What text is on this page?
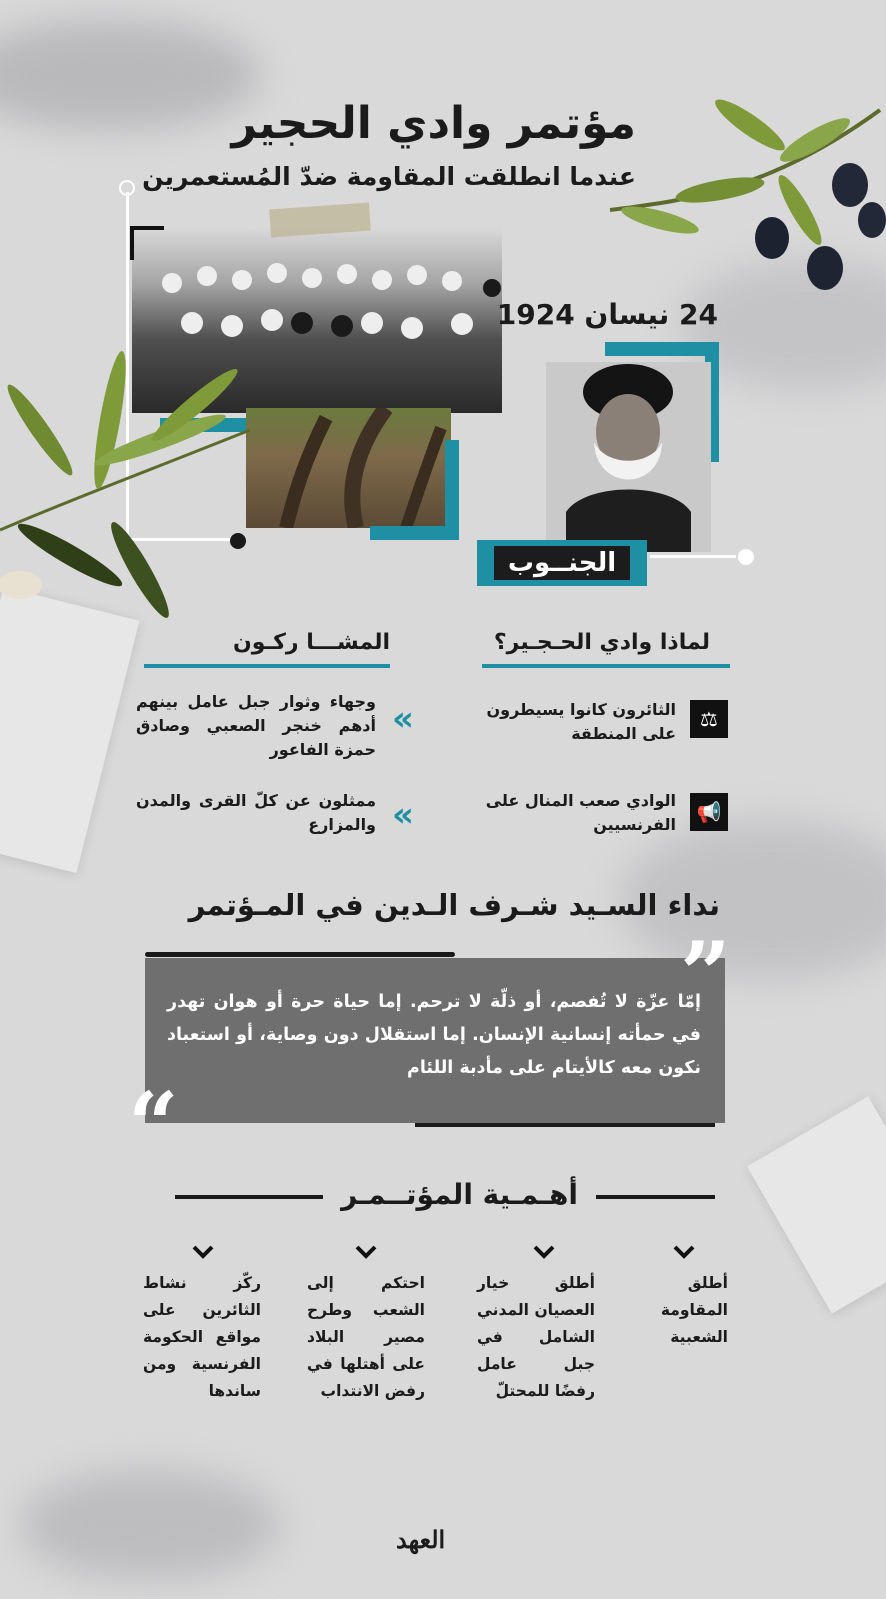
مؤتمر وادي الحجير
عندما انطلقت المقاومة ضدّ المُستعمرين
24 نيسان 1924
الجنــوب
لماذا وادي الحـجـير؟
⚖
الثائرون كانوا يسيطرون على المنطقة
📢
الوادي صعب المنال على الفرنسيين
المشـــا ركـون
«
وجهاء وثوار جبل عامل بينهم أدهم خنجر الصعبي وصادق حمزة الفاعور
«
ممثلون عن كلّ القرى والمدن والمزارع
نداء السـيد شـرف الـدين في المـؤتمر
إمّا عزّة لا تُفصم، أو ذلّة لا ترحم. إما حياة حرة أو هوان تهدر في حمأته إنسانية الإنسان. إما استقلال دون وصاية، أو استعباد نكون معه كالأيتام على مأدبة اللئام
”
“
أهـمـية المؤتــمـر
أطلق المقاومة الشعبية
أطلق خيار العصيان المدني الشامل في جبل عامل رفضًا للمحتلّ
احتكم إلى الشعب وطرح مصير البلاد على أهتلها في رفض الانتداب
ركّز نشاط الثائرين على مواقع الحكومة الفرنسية ومن ساندها
العهد
